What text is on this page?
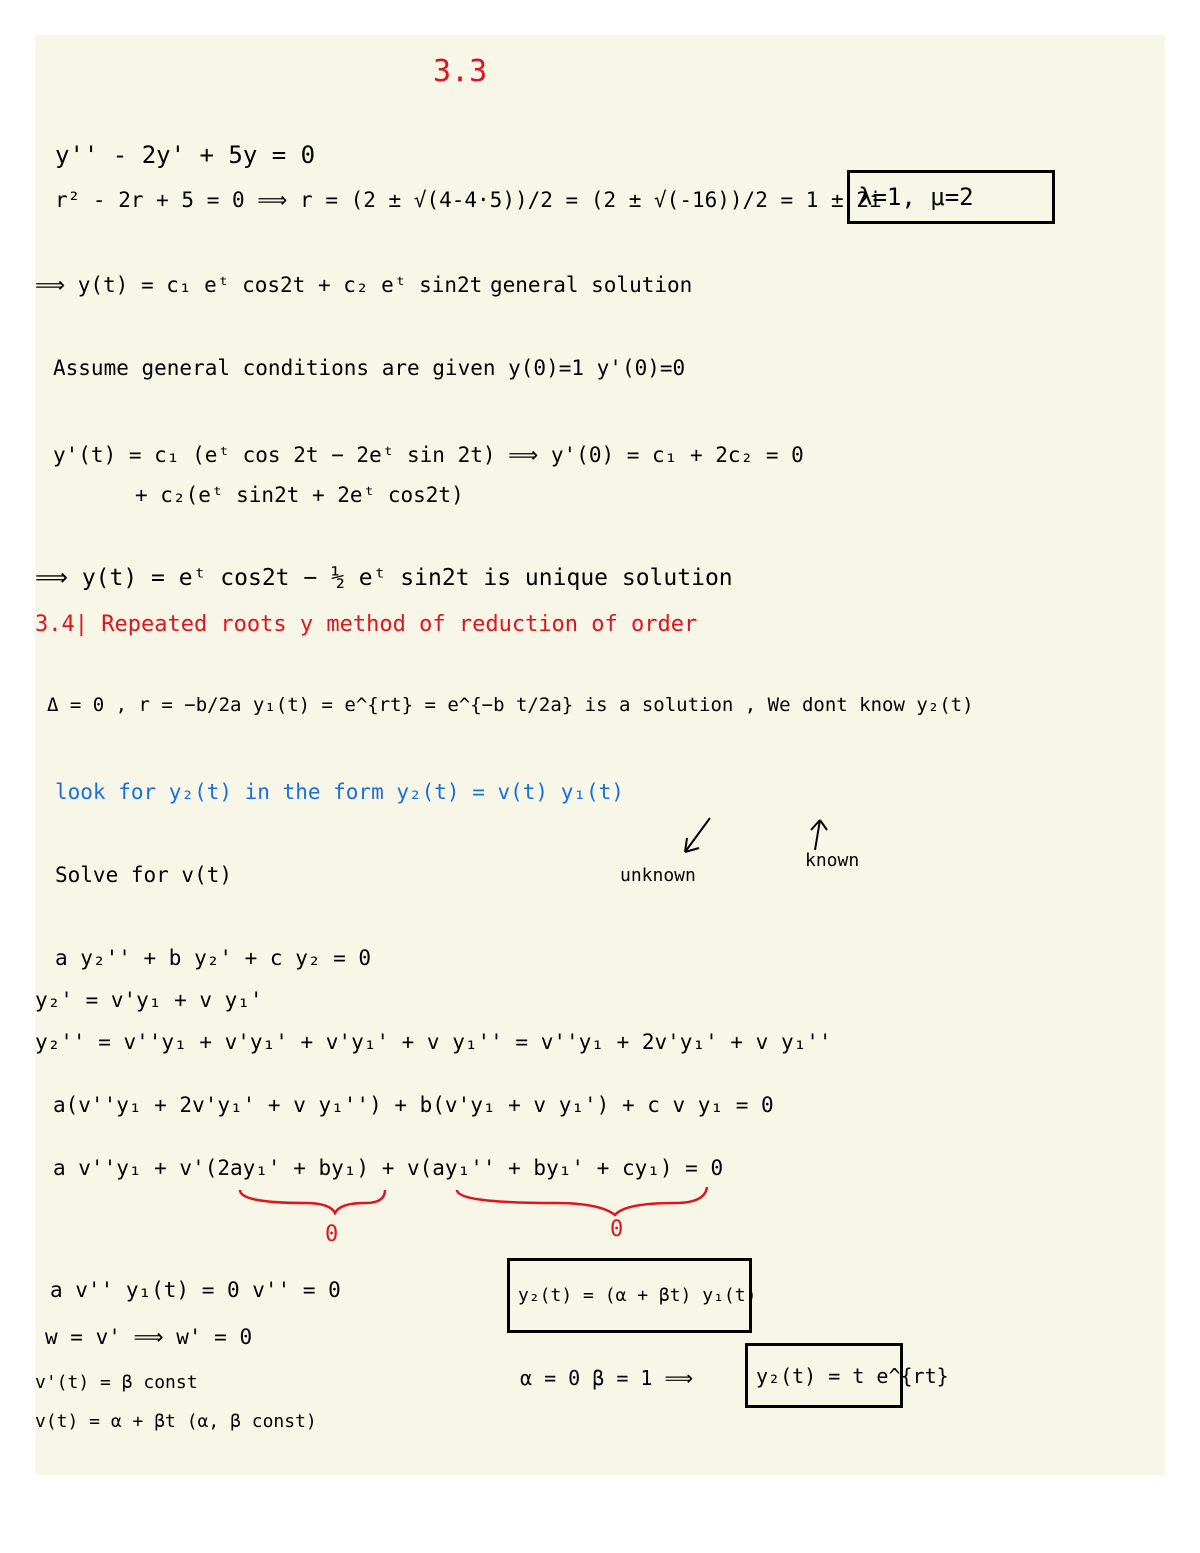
3.3
y'' - 2y' + 5y = 0
r² - 2r + 5 = 0 ⟹ r = (2 ± √(4-4·5))/2 = (2 ± √(-16))/2 = 1 ± 2i
λ=1, μ=2
⟹ y(t) = c₁ eᵗ cos2t + c₂ eᵗ sin2t general solution
Assume general conditions are given y(0)=1 y'(0)=0
y'(t) = c₁ (eᵗ cos 2t − 2eᵗ sin 2t) ⟹ y'(0) = c₁ + 2c₂ = 0
+ c₂(eᵗ sin2t + 2eᵗ cos2t)
⟹ y(t) = eᵗ cos2t − ½ eᵗ sin2t is unique solution
3.4| Repeated roots y method of reduction of order
Δ = 0 , r = −b/2a y₁(t) = e^{rt} = e^{−b t/2a} is a solution , We dont know y₂(t)
look for y₂(t) in the form y₂(t) = v(t) y₁(t)
unknown
known
Solve for v(t)
a y₂'' + b y₂' + c y₂ = 0
y₂' = v'y₁ + v y₁'
y₂'' = v''y₁ + v'y₁' + v'y₁' + v y₁'' = v''y₁ + 2v'y₁' + v y₁''
a(v''y₁ + 2v'y₁' + v y₁'') + b(v'y₁ + v y₁') + c v y₁ = 0
a v''y₁ + v'(2ay₁' + by₁) + v(ay₁'' + by₁' + cy₁) = 0
0	0
a v'' y₁(t) = 0 v'' = 0
w = v' ⟹ w' = 0
v'(t) = β const
v(t) = α + βt (α, β const)
y₂(t) = (α + βt) y₁(t)
α = 0 β = 1 ⟹	y₂(t) = t e^{rt}
